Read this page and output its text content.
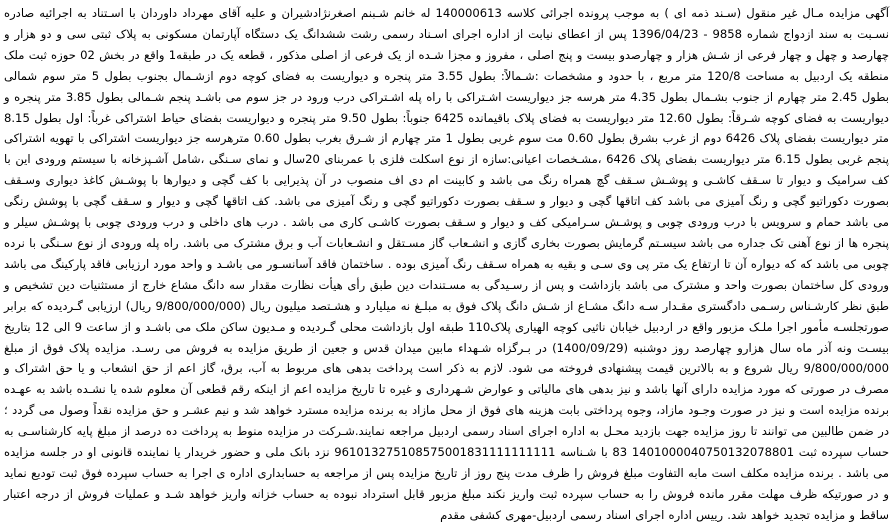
آگهی مزایده مـال غیر منقول (سـند ذمه ای ) به موجب پرونده اجرائی کلاسه 140000613 له خانم شـبنم اصغرنژادشیران و علیه آقای مهرداد داوردان با اسـتناد به اجرائیه صادره نسـبت به سند ازدواج شماره 9858 - 1396/04/23 پس از اعطای نیابت از اداره اجرای اسـناد رسمی رشت ششدانگ یک دستگاه آپارتمان مسکونی به پلاک ثبتی سی و دو هزار و چهارصد و چهل و چهار فرعی از شـش هزار و چهارصدو بیست و پنج اصلی ، مفروز و مجزا شـده از یک فرعی از اصلی مذکور ، قطعه یک در طبقه1 واقع در بخش 02 حوزه ثبت ملک منطقه یک اردبیل به مساحت 120/8 متر مربع ، با حدود و مشخصات :شـمالاً: بطول 3.55 متر پنجره و دیواریست به فضای کوچه دوم ازشـمال بجنوب بطول 5 متر سوم شمالی بطول 2.45 متر چهارم از جنوب بشـمال بطول 4.35 متر هرسه جز دیواریست اشـتراکی با راه پله اشـتراکی درب ورود در جز سوم می باشـد پنجم شـمالی بطول 3.85 متر پنجره و دیواریست به فضای کوچه شـرقاً: بطول 12.60 متر دیواریست به فضای پلاک باقیمانده 6425 جنوباً: بطول 9.50 متر پنجره و دیواریست بفضای حیاط اشتراکی غرباً: اول بطول 8.15 متر دیواریست بفضای پلاک 6426 دوم از غرب بشرق بطول 0.60 مت سوم غربی بطول 1 متر چهارم از شـرق بغرب بطول 0.60 مترهرسه جز دیواریست اشتراکی با تهویه اشتراکی پنجم غربی بطول 6.15 متر دیواریست بفضای پلاک 6426 ،مشـخصات اعیانی:سازه از نوع اسکلت فلزی با عمربنای 20سال و نمای سـنگی ،شامل آشـپزخانه با سیستم ورودی این با کف سرامیک و دیوار تا سـقف کاشـی و پوشـش سـقف گچ همراه رنگ می باشد و کابینت ام دی اف منصوب در آن پذیرایی با کف گچی و دیوارها با پوشـش کاغذ دیواری وسـقف بصورت دکوراتیو گچی و رنگ آمیزی می باشد کف اتاقها گچی و دیوار و سـقف بصورت دکوراتیو گچی و رنگ آمیزی می باشد. کف اتاقها گچی و دیوار و سـقف گچی با پوشش رنگی می باشد حمام و سرویس با درب ورودی چوبی و پوشـش سـرامیکی کف و دیوار و سـقف بصورت کاشـی کاری می باشد . درب های داخلی و درب ورودی چوبی با پوشـش سیلر و پنجره ها از نوع آهنی تک جداره می باشد سیسـتم گرمایش بصورت بخاری گازی و انشـعاب گاز مسـتقل و انشـعابات آب و برق مشترک می باشد. راه پله ورودی از نوع سـنگی با نرده چوبی می باشد که که دیواره آن تا ارتفاع یک متر پی وی سـی و بقیه به همراه سـقف رنگ آمیزی بوده . ساختمان فاقد آسانسـور می باشـد و واحد مورد ارزیابی فاقد پارکینگ می باشد ورودی کل ساختمان بصورت واحد و مشترک می باشد بازداشت و پس از رسـیدگی به مسـتندات دین طبق رأی هیأت نظارت مقدار سه دانگ مشاع خارج از مستثنیات دین تشخیص و طبق نظر کارشـناس رسـمی دادگستری مقـدار سـه دانگ مشـاع از شـش دانگ پلاک فوق به مبلـغ نه میلیارد و هشـتصد میلیون ریال (9/800/000/000 ریال) ارزیابی گـردیده که برابر صورتجلسـه مأمور اجرا ملـک مزبور واقع در اردبیل خیابان ناثیی کوچه الهیاری پلاک110 طبقه اول بازداشت محلی گـردیده و مـدیون ساکن ملک می باشـد و از ساعت 9 الی 12 بتاریخ بیسـت ونه آذر ماه سال هزارو چهارصد روز دوشنبه (1400/09/29) در بـرگزاه شـهداء مابین میدان قدس و جعین از طریق مزایده به فروش می رسـد. مزایده پلاک فوق از مبلغ 9/800/000/000 ریال شروع و به بالاترین قیمت پیشنهادی فروخته می شود. لازم به ذکر است پرداخت بدهی های مربوط به آب، برق، گاز اعم از حق انشعاب و یا حق اشتراک و مصرف در صورتی که مورد مزایده دارای آنها باشد و نیز بدهی های مالیاتی و عوارض شـهرداری و غیره تا تاریخ مزایده اعم از اینکه رقم قطعی آن معلوم شده یا نشـده باشد به عهـده برنده مزایده است و نیز در صورت وجـود مازاد، وجوه پرداختی بابت هزینه های فوق از محل مازاد به برنده مزایده مسترد خواهد شد و نیم عشـر و حق مزایده نقداً وصول می گردد ؛ در ضمن طالبین می توانند تا روز مزایده جهت بازدید محـل به اداره اجرای اسناد رسمی اردبیل مراجعه نمایند.شـرکت در مزایده منوط به پرداخت ده درصد از مبلغ پایه کارشناسـی به حساب سپرده ثبت 1401000040750132078801 83 با شـناسه 961013275108575001831111111111 نزد بانک ملی و حضور خریدار یا نماینده قانونی او در جلسه مزایده می باشد . برنده مزایده مکلف است مابه التفاوت مبلغ فروش را ظرف مدت پنج روز از تاریخ مزایده پس از مراجعه به حسابداری اداره ی اجرا به حساب سپرده فوق ثبت تودیع نماید و در صورتیکه ظرف مهلت مقرر مانده فروش را به حساب سپرده ثبت واریز نکند مبلغ مزبور قابل استرداد نبوده به حساب خزانه واریز خواهد شـد و عملیات فروش از درجه اعتبار ساقط و مزایده تجدید خواهد شد. رییس اداره اجرای اسناد رسمی اردبیل-مهری کشفی مقدم
